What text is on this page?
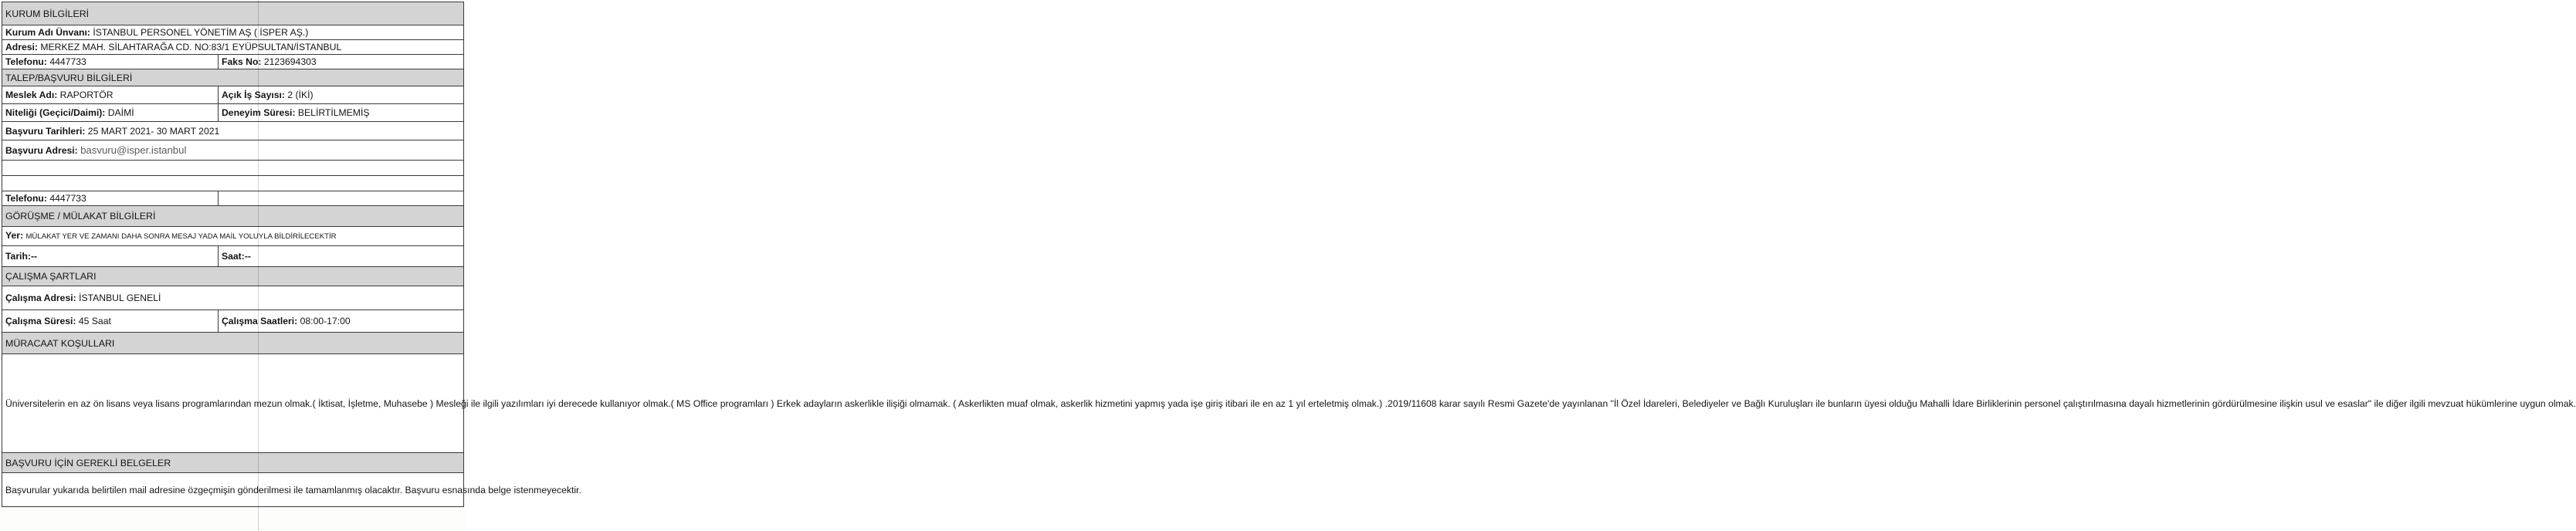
KURUM BİLGİLERİ	
Kurum Adı Ünvanı: İSTANBUL PERSONEL YÖNETİM AŞ ( İSPER AŞ.)	
Adresi: MERKEZ MAH. SİLAHTARAĞA CD. NO:83/1 EYÜPSULTAN/İSTANBUL	
Telefonu: 4447733	Faks No: 2123694303
TALEP/BAŞVURU BİLGİLERİ	
Meslek Adı: RAPORTÖR	Açık İş Sayısı: 2 (İKİ)
Niteliği (Geçici/Daimi): DAİMİ	Deneyim Süresi: BELİRTİLMEMİŞ
Başvuru Tarihleri: 25 MART 2021- 30 MART 2021	
Başvuru Adresi: basvuru@isper.istanbul	

Telefonu: 4447733	
GÖRÜŞME / MÜLAKAT BİLGİLERİ	
Yer: MÜLAKAT YER VE ZAMANI DAHA SONRA MESAJ YADA MAİL YOLUYLA BİLDİRİLECEKTİR	
Tarih:--	Saat:--
ÇALIŞMA ŞARTLARI	
Çalışma Adresi: İSTANBUL GENELİ	
Çalışma Süresi: 45 Saat	Çalışma Saatleri: 08:00-17:00
MÜRACAAT KOŞULLARI	
Üniversitelerin en az ön lisans veya lisans programlarından mezun olmak.( İktisat, İşletme, Muhasebe ) Mesleği ile ilgili yazılımları iyi derecede kullanıyor olmak.( MS Office programları ) Erkek adayların askerlikle ilişiği olmamak. ( Askerlikten muaf olmak, askerlik hizmetini yapmış yada işe giriş itibari ile en az 1 yıl erteletmiş olmak.) .2019/11608 karar sayılı Resmi Gazete'de yayınlanan "İl Özel İdareleri, Belediyeler ve Bağlı Kuruluşları ile bunların üyesi olduğu Mahalli İdare Birliklerinin personel çalıştırılmasına dayalı hizmetlerinin gördürülmesine ilişkin usul ve esaslar" ile diğer ilgili mevzuat hükümlerine uygun olmak.	
BAŞVURU İÇİN GEREKLİ BELGELER	
Başvurular yukarıda belirtilen mail adresine özgeçmişin gönderilmesi ile tamamlanmış olacaktır. Başvuru esnasında belge istenmeyecektir.	
